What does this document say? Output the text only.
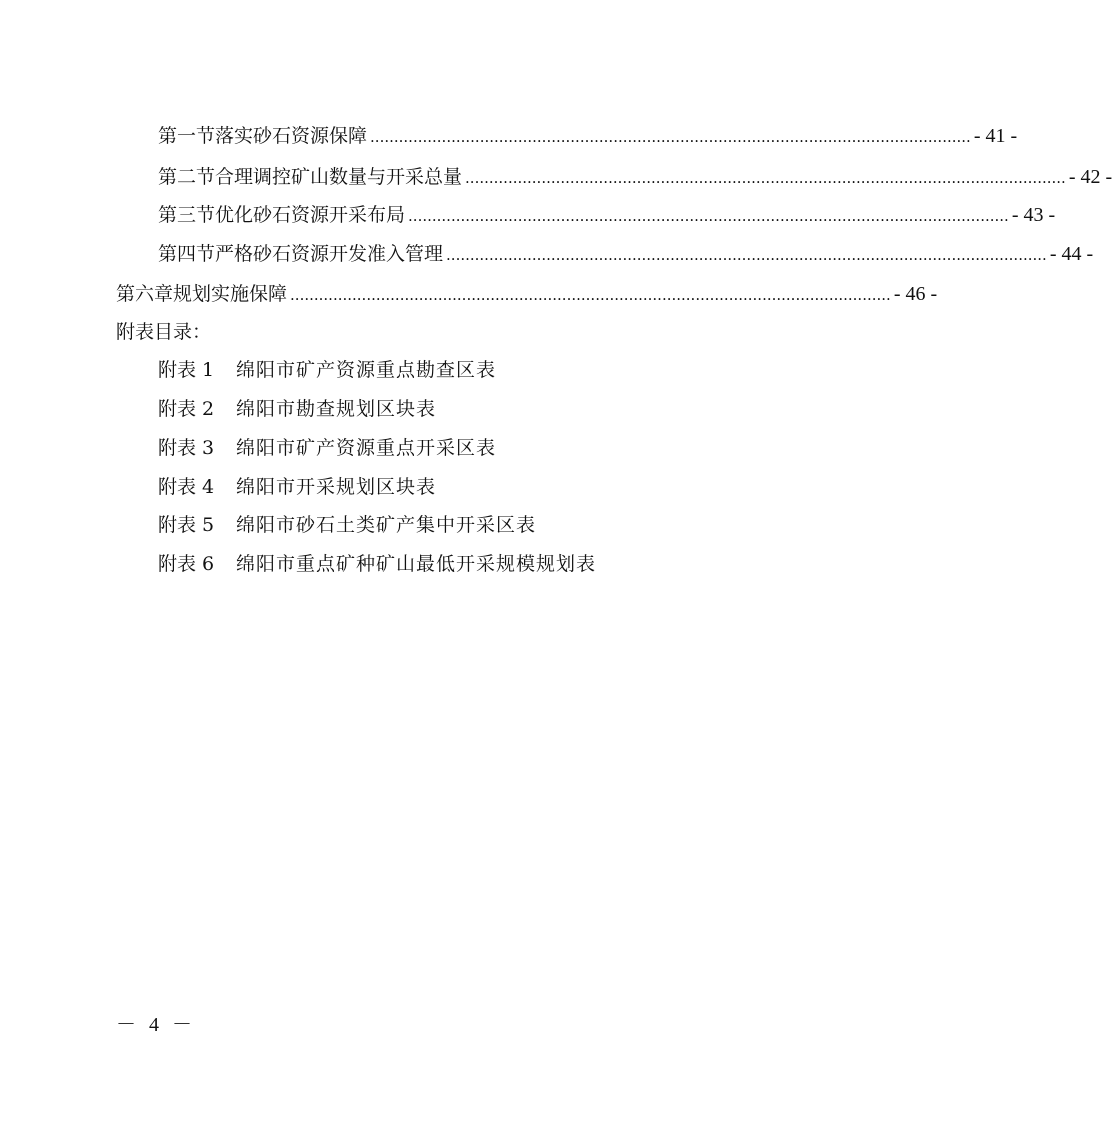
第一节 落实砂石资源保障 .............................................................................................................................. - 41 -
第二节 合理调控矿山数量与开采总量 .............................................................................................................................. - 42 -
第三节 优化砂石资源开采布局 .............................................................................................................................. - 43 -
第四节 严格砂石资源开发准入管理 .............................................................................................................................. - 44 -
第六章 规划实施保障 .............................................................................................................................. - 46 -
附表目录：
附表 1 绵阳市矿产资源重点勘查区表
附表 2 绵阳市勘查规划区块表
附表 3 绵阳市矿产资源重点开采区表
附表 4 绵阳市开采规划区块表
附表 5 绵阳市砂石土类矿产集中开采区表
附表 6 绵阳市重点矿种矿山最低开采规模规划表
－ 4 －
